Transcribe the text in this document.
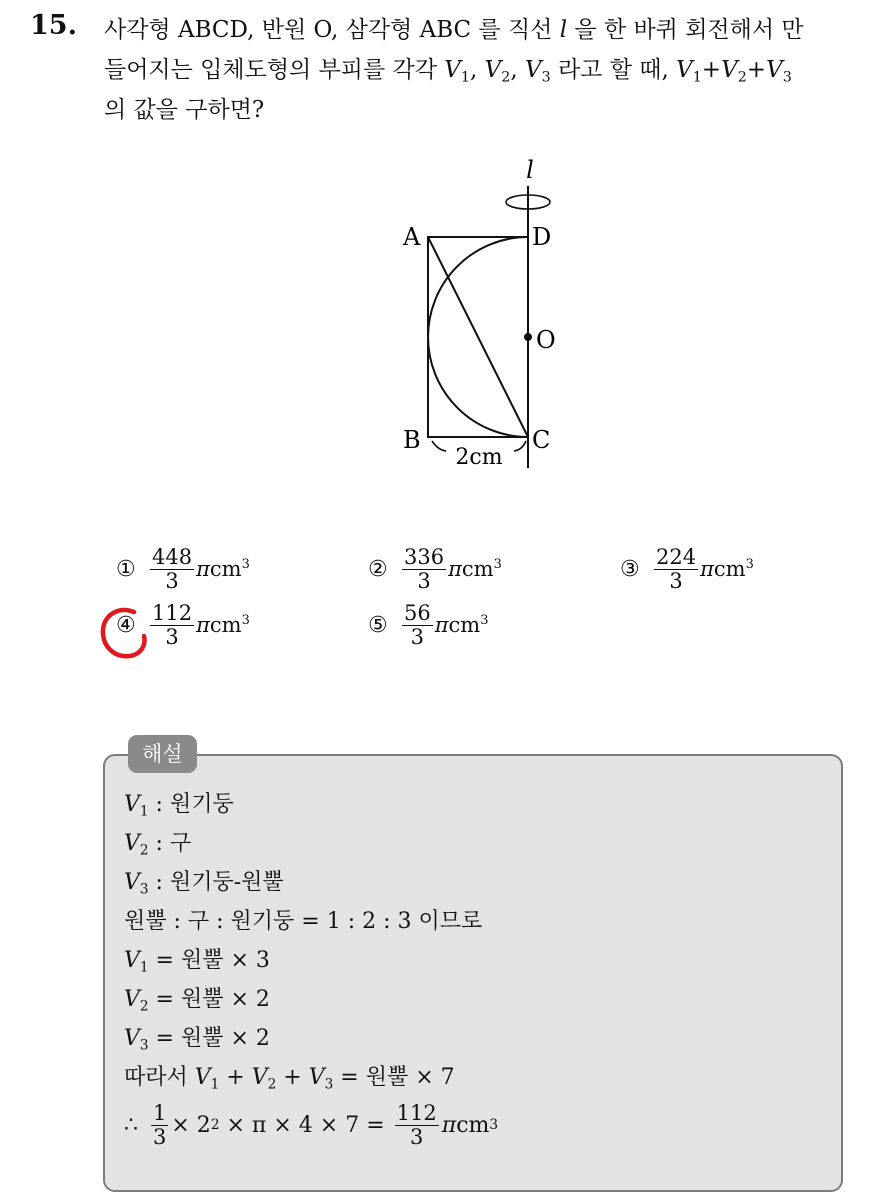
15. 사각형 ABCD, 반원 O, 삼각형 ABC 를 직선 l 을 한 바퀴 회전해서 만
들어지는 입체도형의 부피를 각각 $V_1$, $V_2$, $V_3$ 라고 할 때, $V_1+V_2+V_3$
의 값을 구하면?
l
A	D
O
B	C
2cm
① $\frac{448}{3} \pi cm^3$	② $\frac{336}{3} \pi cm^3$	③ $\frac{224}{3} \pi cm^3$
④ $\frac{112}{3} \pi cm^3$	⑤ $\frac{56}{3} \pi cm^3$
해설
$V_1$ : 원기둥
$V_2$ : 구
$V_3$ : 원기둥-원뿔
원뿔 : 구 : 원기둥 = 1 : 2 : 3 이므로
$V_1$ = 원뿔 × 3
$V_2$ = 원뿔 × 2
$V_3$ = 원뿔 × 2
따라서 $V_1 + V_2 + V_3$ = 원뿔 × 7
∴ $\frac{1}{3} \times 2$ $2 \times \pi \times 4 \times 7 = \frac{112}{3}$ π cm 3
